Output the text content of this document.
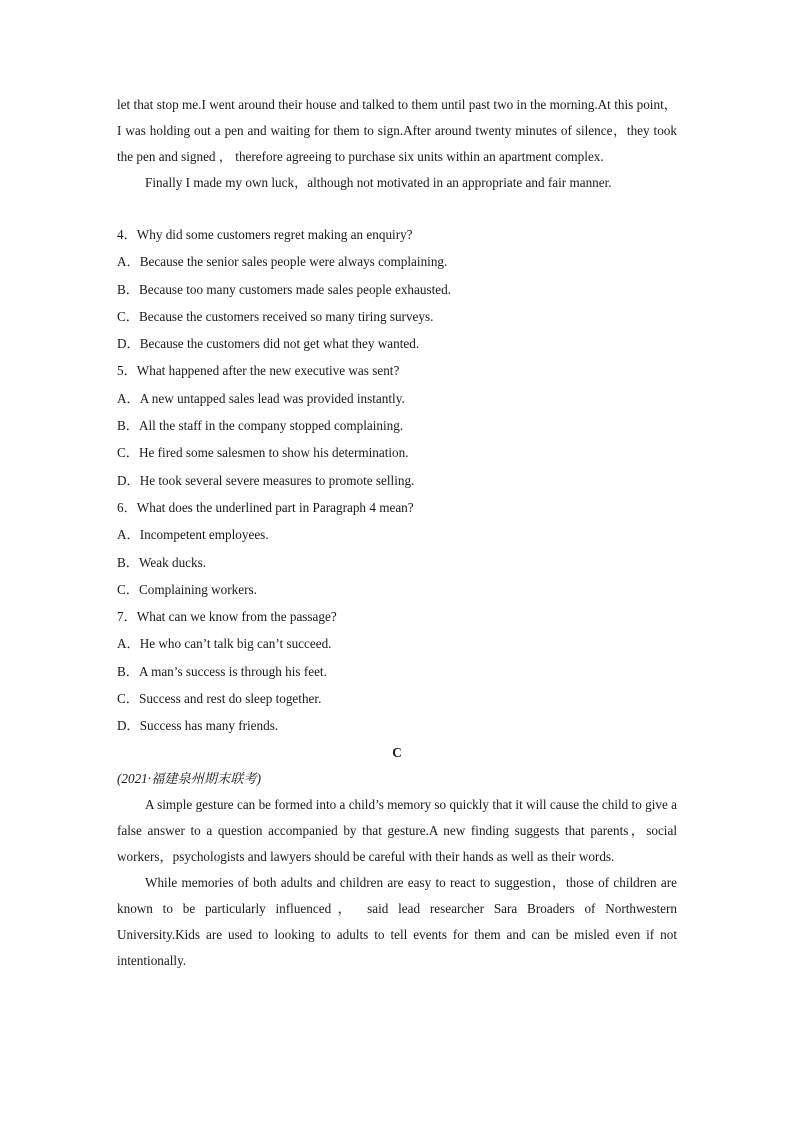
let that stop me.I went around their house and talked to them until past two in the morning.At this point，I was holding out a pen and waiting for them to sign.After around twenty minutes of silence，they took the pen and signed ， therefore agreeing to purchase six units within an apartment complex.

Finally I made my own luck，although not motivated in an appropriate and fair manner.

4．Why did some customers regret making an enquiry?

A．Because the senior sales people were always complaining.

B．Because too many customers made sales people exhausted.

C．Because the customers received so many tiring surveys.

D．Because the customers did not get what they wanted.

5．What happened after the new executive was sent?

A．A new untapped sales lead was provided instantly.

B．All the staff in the company stopped complaining.

C．He fired some salesmen to show his determination.

D．He took several severe measures to promote selling.

6．What does the underlined part in Paragraph 4 mean?

A．Incompetent employees.

B．Weak ducks.

C．Complaining workers.

7．What can we know from the passage?

A．He who can’t talk big can’t succeed.

B．A man’s success is through his feet.

C．Success and rest do sleep together.

D．Success has many friends.

C

(2021·福建泉州期末联考)

A simple gesture can be formed into a child’s memory so quickly that it will cause the child to give a false answer to a question accompanied by that gesture.A new finding suggests that parents，social workers，psychologists and lawyers should be careful with their hands as well as their words.

While memories of both adults and children are easy to react to suggestion，those of children are known to be particularly influenced， said lead researcher Sara Broaders of Northwestern University.Kids are used to looking to adults to tell events for them and can be misled even if not intentionally.
